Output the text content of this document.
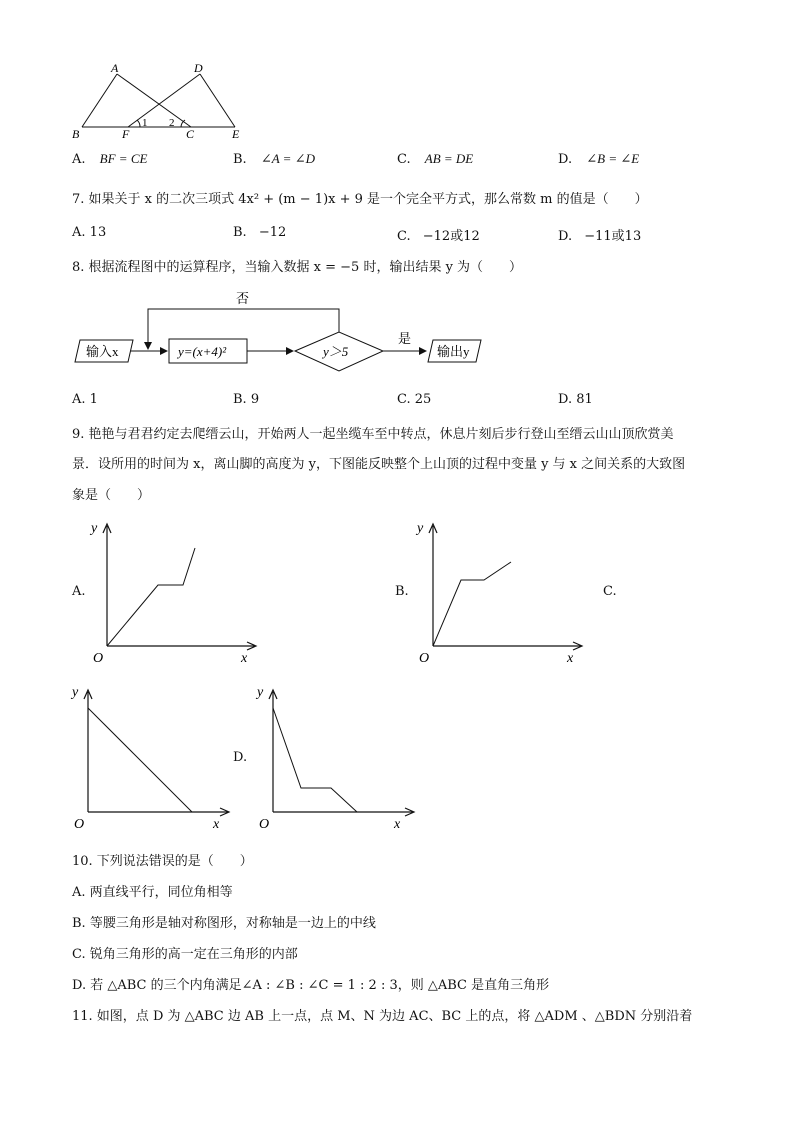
A	D
B	F
1 2
C	E
A. BF = CE	B. ∠A = ∠D	C. AB = DE	D. ∠B = ∠E
7. 如果关于 x 的二次三项式 4x² + (m − 1)x + 9 是一个完全平方式，那么常数 m 的值是（　　）
A. 13	B. −12	C. −12或12	D. −11或13
8. 根据流程图中的运算程序，当输入数据 x = −5 时，输出结果 y 为（　　）
否
是
输入x	y=(x+4)²	y＞5	输出y
A. 1	B. 9	C. 25	D. 81
9. 艳艳与君君约定去爬缙云山，开始两人一起坐缆车至中转点，休息片刻后步行登山至缙云山山顶欣赏美
景．设所用的时间为 x，离山脚的高度为 y，下图能反映整个上山顶的过程中变量 y 与 x 之间关系的大致图
象是（　　）
A.	B.	C.
D.
y
O	x
y
O	x
y
O	x
y
O	x
10. 下列说法错误的是（　　）
A. 两直线平行，同位角相等
B. 等腰三角形是轴对称图形，对称轴是一边上的中线
C. 锐角三角形的高一定在三角形的内部
D. 若 △ABC 的三个内角满足∠A : ∠B : ∠C = 1 : 2 : 3，则 △ABC 是直角三角形
11. 如图，点 D 为 △ABC 边 AB 上一点，点 M、N 为边 AC、BC 上的点，将 △ADM 、△BDN 分别沿着
